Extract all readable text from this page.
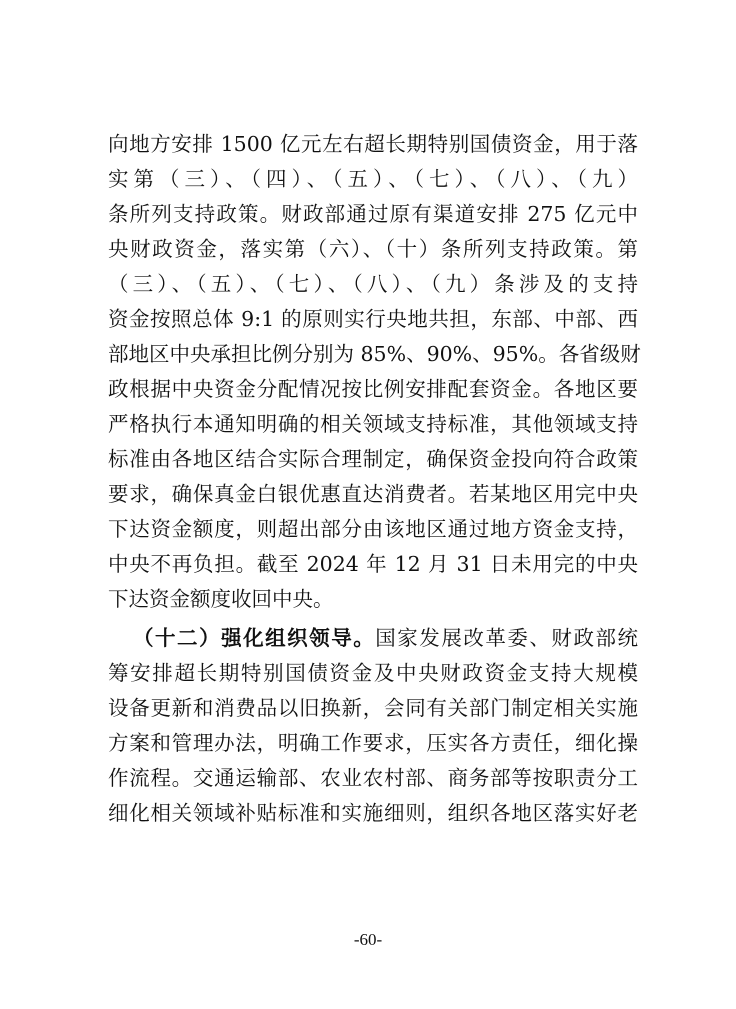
向地方安排 1500 亿元左右超长期特别国债资金，用于落
实第（三）、（四）、（五）、（七）、（八）、（九）
条所列支持政策。财政部通过原有渠道安排 275 亿元中
央财政资金，落实第（六）、（十）条所列支持政策。第
（三）、（五）、（七）、（八）、（九）条涉及的支持
资金按照总体 9:1 的原则实行央地共担，东部、中部、西
部地区中央承担比例分别为 85%、90%、95%。各省级财
政根据中央资金分配情况按比例安排配套资金。各地区要
严格执行本通知明确的相关领域支持标准，其他领域支持
标准由各地区结合实际合理制定，确保资金投向符合政策
要求，确保真金白银优惠直达消费者。若某地区用完中央
下达资金额度，则超出部分由该地区通过地方资金支持，
中央不再负担。截至 2024 年 12 月 31 日未用完的中央
下达资金额度收回中央。
（十二）强化组织领导。国家发展改革委、财政部统
筹安排超长期特别国债资金及中央财政资金支持大规模
设备更新和消费品以旧换新，会同有关部门制定相关实施
方案和管理办法，明确工作要求，压实各方责任，细化操
作流程。交通运输部、农业农村部、商务部等按职责分工
细化相关领域补贴标准和实施细则，组织各地区落实好老
-60-
